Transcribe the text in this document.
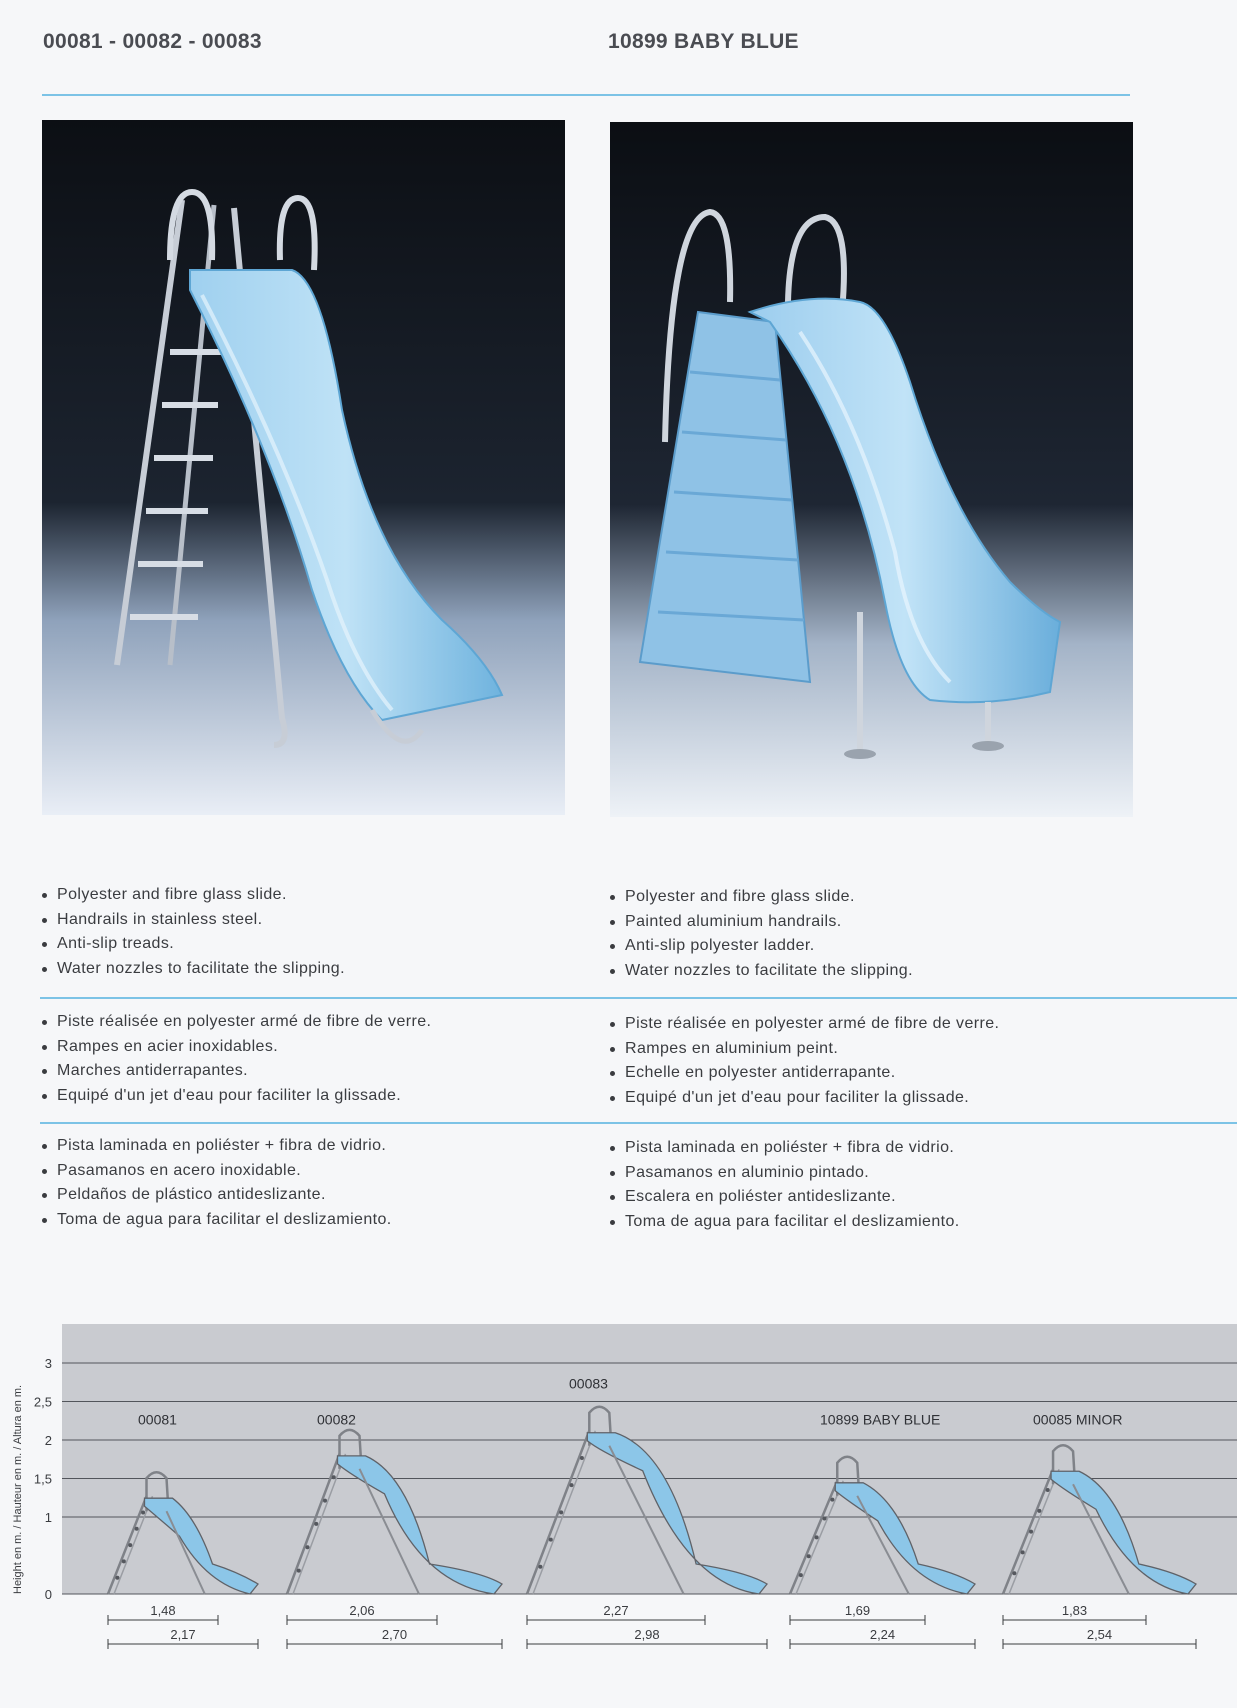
00081 - 00082 - 00083	10899 BABY BLUE
Polyester and fibre glass slide.
Handrails in stainless steel.
Anti-slip treads.
Water nozzles to facilitate the slipping.
Piste réalisée en polyester armé de fibre de verre.
Rampes en acier inoxidables.
Marches antiderrapantes.
Equipé d'un jet d'eau pour faciliter la glissade.
Pista laminada en poliéster + fibra de vidrio.
Pasamanos en acero inoxidable.
Peldaños de plástico antideslizante.
Toma de agua para facilitar el deslizamiento.
Polyester and fibre glass slide.
Painted aluminium handrails.
Anti-slip polyester ladder.
Water nozzles to facilitate the slipping.
Piste réalisée en polyester armé de fibre de verre.
Rampes en aluminium peint.
Echelle en polyester antiderrapante.
Equipé d'un jet d'eau pour faciliter la glissade.
Pista laminada en poliéster + fibra de vidrio.
Pasamanos en aluminio pintado.
Escalera en poliéster antideslizante.
Toma de agua para facilitar el deslizamiento.
Height en m. / Hauteur en m. / Altura en m.
0
1
1,5
2
2,5
3
00081	00082
00083
10899 BABY BLUE	00085 MINOR
1,48
2,17
2,06
2,70
2,27
2,98
1,69
2,24
1,83
2,54
